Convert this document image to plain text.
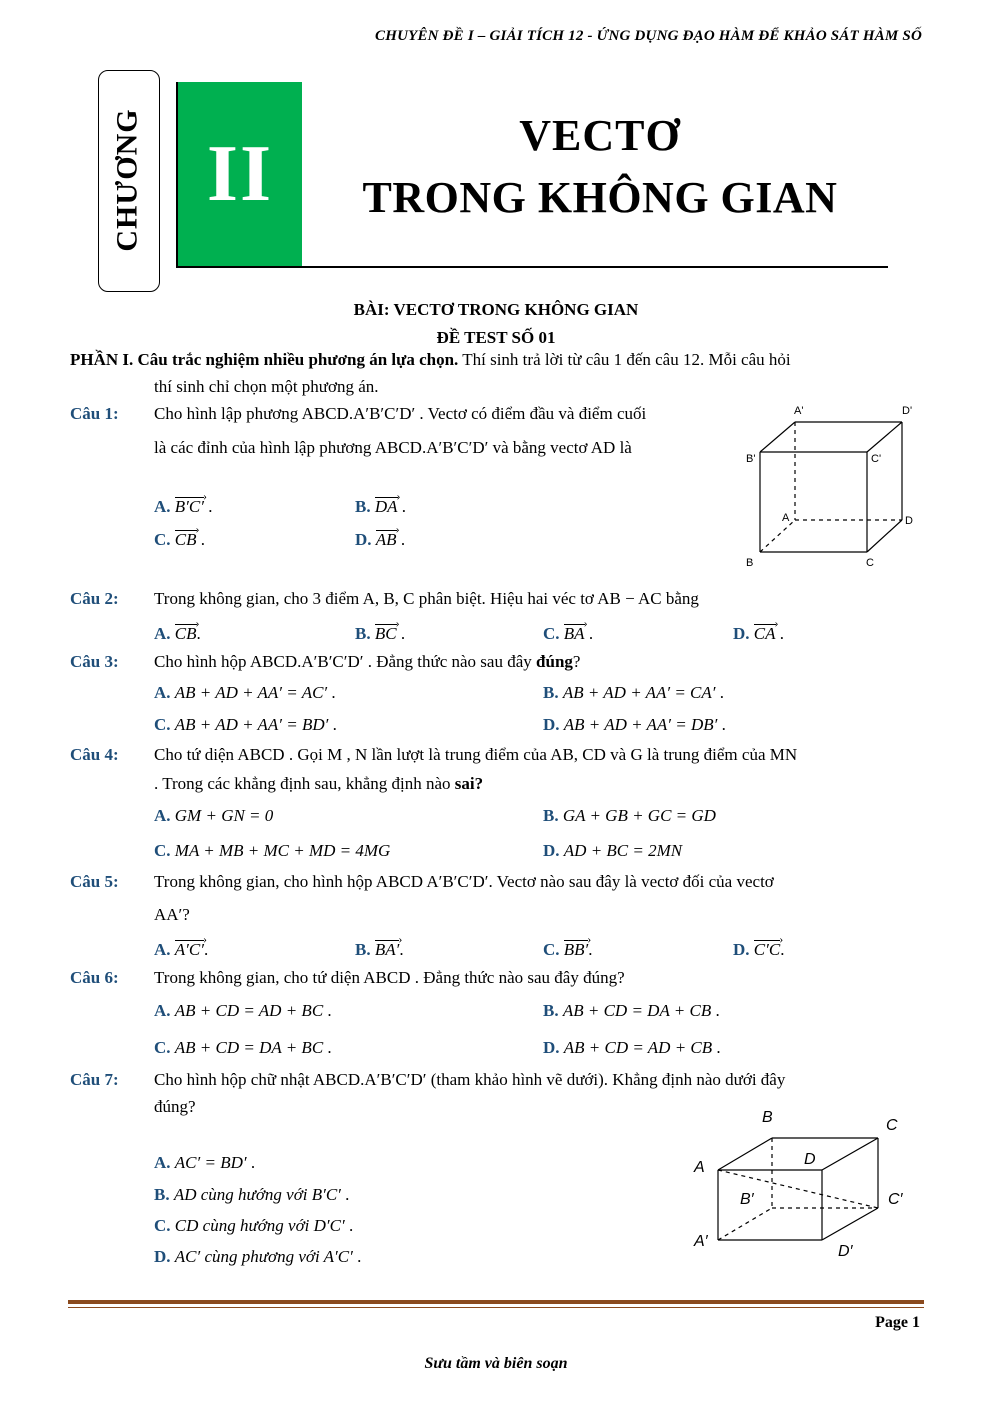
CHUYÊN ĐỀ I – GIẢI TÍCH 12 - ỨNG DỤNG ĐẠO HÀM ĐỂ KHẢO SÁT HÀM SỐ
CHƯƠNG II	VECTƠ
TRONG KHÔNG GIAN
BÀI: VECTƠ TRONG KHÔNG GIAN
ĐỀ TEST SỐ 01
PHẦN I. Câu trắc nghiệm nhiều phương án lựa chọn. Thí sinh trả lời từ câu 1 đến câu 12. Mỗi câu hỏi
thí sinh chỉ chọn một phương án.
Câu 1: Cho hình lập phương ABCD.A′B′C′D′ . Vectơ có điểm đầu và điểm cuối
là các đỉnh của hình lập phương ABCD.A′B′C′D′ và bằng vectơ AD là
A. B′C′ › .	B. DA › .
C. CB › .	D. AB › .
A'	D'
B'	C'
A	D
B	C
Câu 2: Trong không gian, cho 3 điểm A, B, C phân biệt. Hiệu hai véc tơ AB − AC bằng
A. CB ›.	B. BC › .	C. BA › .	D. CA › .
Câu 3: Cho hình hộp ABCD.A′B′C′D′ . Đẳng thức nào sau đây đúng?
A. AB + AD + AA′ = AC′ .	B. AB + AD + AA′ = CA′ .
C. AB + AD + AA′ = BD′ .	D. AB + AD + AA′ = DB′ .
Câu 4: Cho tứ diện ABCD . Gọi M , N lần lượt là trung điểm của AB, CD và G là trung điểm của MN
. Trong các khẳng định sau, khẳng định nào sai?
A. GM + GN = 0	B. GA + GB + GC = GD
C. MA + MB + MC + MD = 4MG	D. AD + BC = 2MN
Câu 5: Trong không gian, cho hình hộp ABCD A′B′C′D′. Vectơ nào sau đây là vectơ đối của vectơ
AA′?
A. A′C′ ›.	B. BA′ ›.	C. BB′ ›.	D. C′C ›.
Câu 6: Trong không gian, cho tứ diện ABCD . Đẳng thức nào sau đây đúng?
A. AB + CD = AD + BC .	B. AB + CD = DA + CB .
C. AB + CD = DA + BC .	D. AB + CD = AD + CB .
Câu 7: Cho hình hộp chữ nhật ABCD.A′B′C′D′ (tham khảo hình vẽ dưới). Khẳng định nào dưới đây
đúng?
A. AC′ = BD′ .
B. AD cùng hướng với B′C′ .
C. CD cùng hướng với D′C′ .
D. AC′ cùng phương với A′C′ .
B	C
A	D
B′	C′
A′
D′
Page 1
Sưu tầm và biên soạn
